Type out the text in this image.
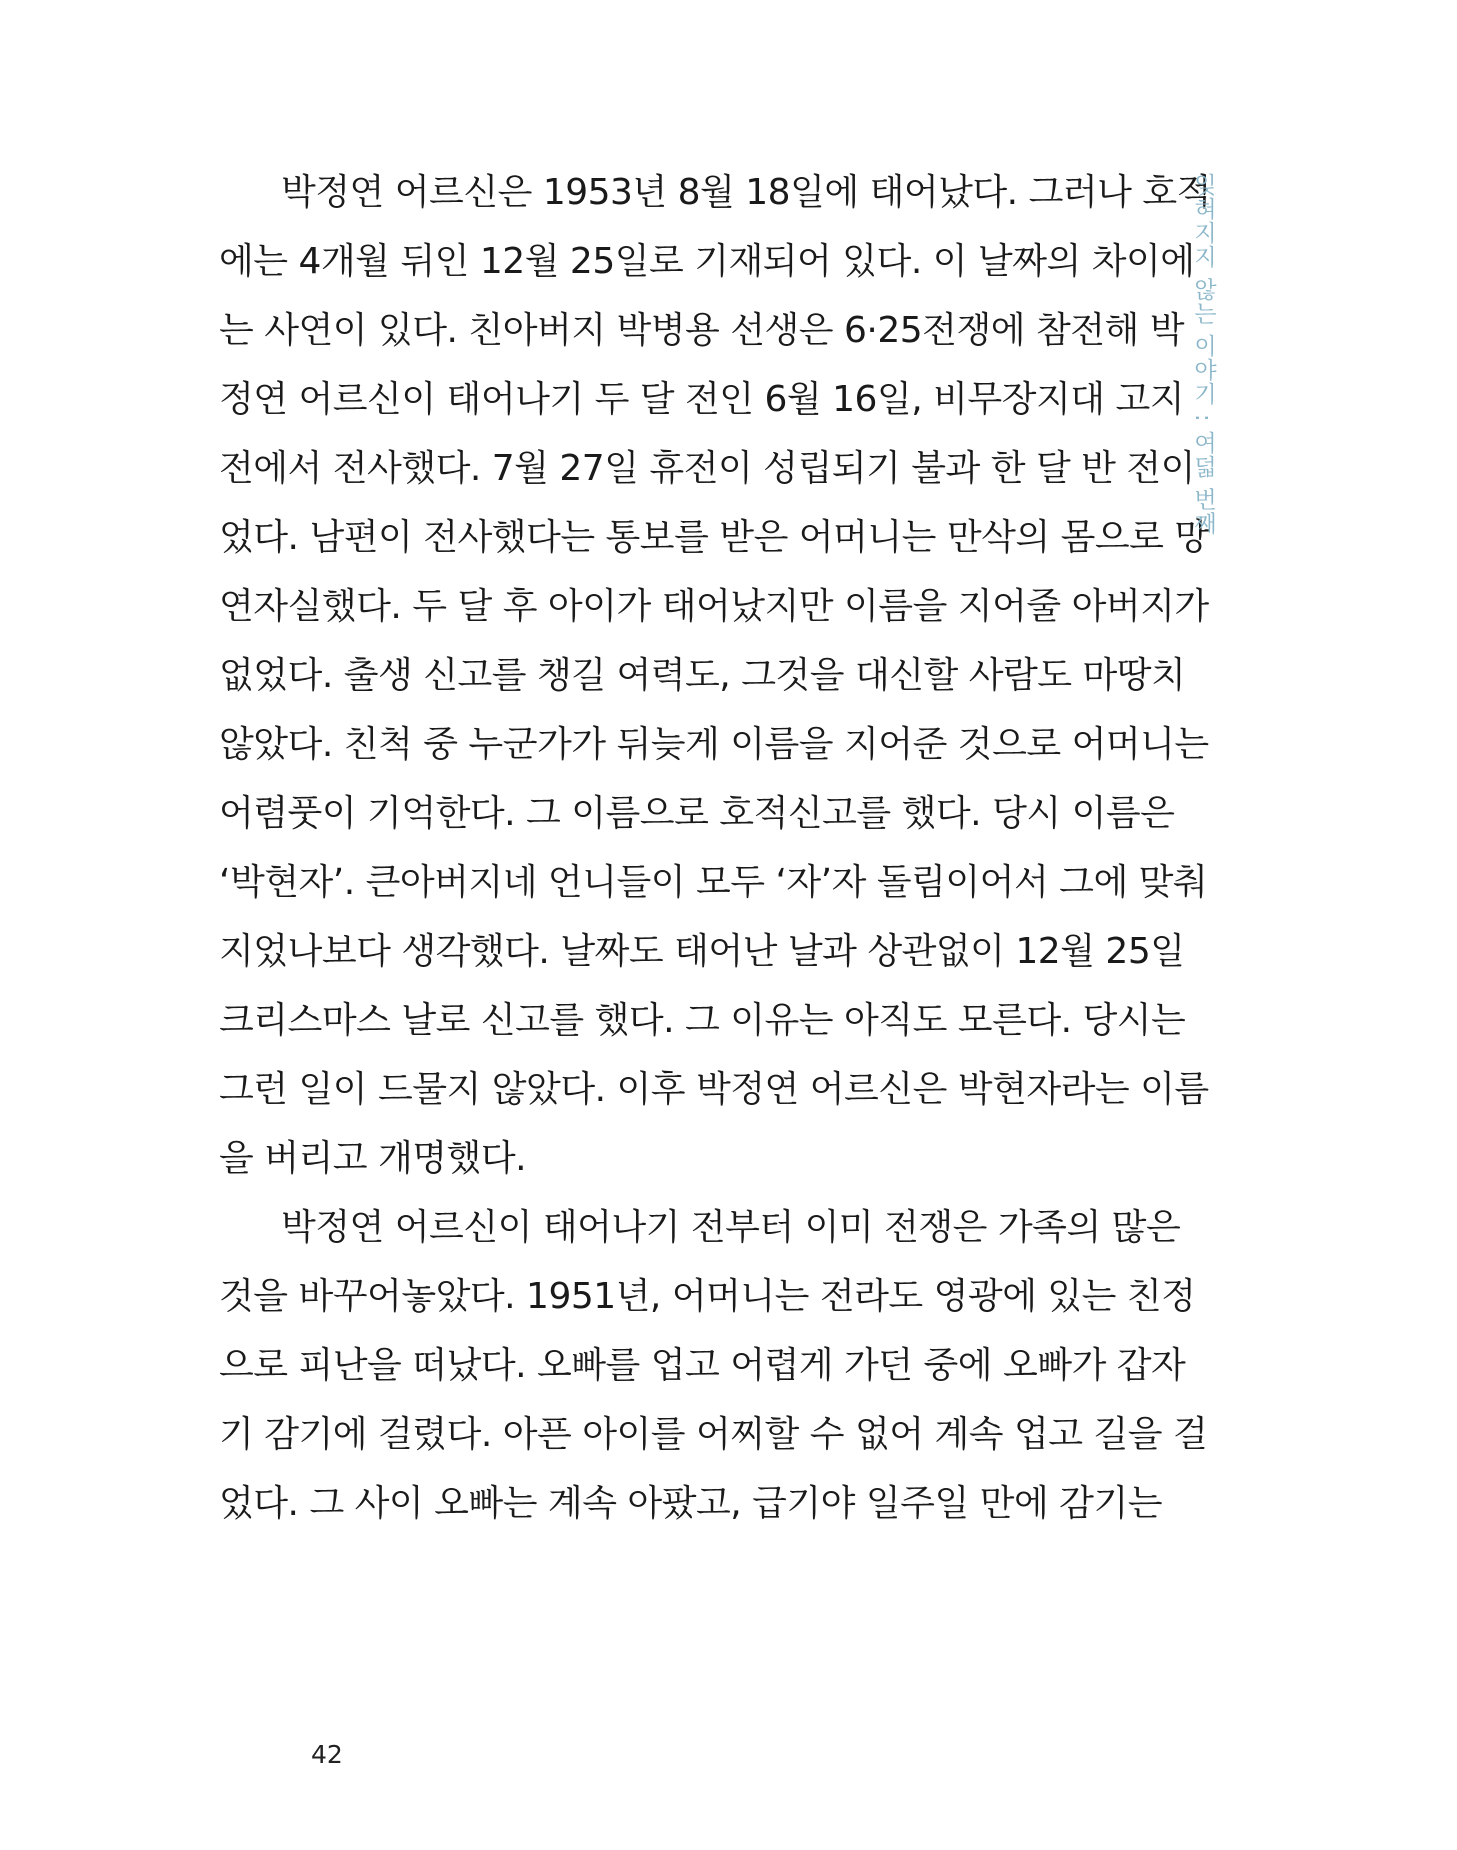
박정연 어르신은 1953년 8월 18일에 태어났다. 그러나 호적
에는 4개월 뒤인 12월 25일로 기재되어 있다. 이 날짜의 차이에
는 사연이 있다. 친아버지 박병용 선생은 6·25전쟁에 참전해 박
정연 어르신이 태어나기 두 달 전인 6월 16일, 비무장지대 고지
전에서 전사했다. 7월 27일 휴전이 성립되기 불과 한 달 반 전이
었다. 남편이 전사했다는 통보를 받은 어머니는 만삭의 몸으로 망
연자실했다. 두 달 후 아이가 태어났지만 이름을 지어줄 아버지가
없었다. 출생 신고를 챙길 여력도, 그것을 대신할 사람도 마땅치
않았다. 친척 중 누군가가 뒤늦게 이름을 지어준 것으로 어머니는
어렴풋이 기억한다. 그 이름으로 호적신고를 했다. 당시 이름은
‘박현자’. 큰아버지네 언니들이 모두 ‘자’자 돌림이어서 그에 맞춰
지었나보다 생각했다. 날짜도 태어난 날과 상관없이 12월 25일
크리스마스 날로 신고를 했다. 그 이유는 아직도 모른다. 당시는
그런 일이 드물지 않았다. 이후 박정연 어르신은 박현자라는 이름
을 버리고 개명했다.

박정연 어르신이 태어나기 전부터 이미 전쟁은 가족의 많은
것을 바꾸어놓았다. 1951년, 어머니는 전라도 영광에 있는 친정
으로 피난을 떠났다. 오빠를 업고 어렵게 가던 중에 오빠가 갑자
기 감기에 걸렸다. 아픈 아이를 어찌할 수 없어 계속 업고 길을 걸
었다. 그 사이 오빠는 계속 아팠고, 급기야 일주일 만에 감기는

잊혀지지 않는 이야기 : 여덟 번째
42
